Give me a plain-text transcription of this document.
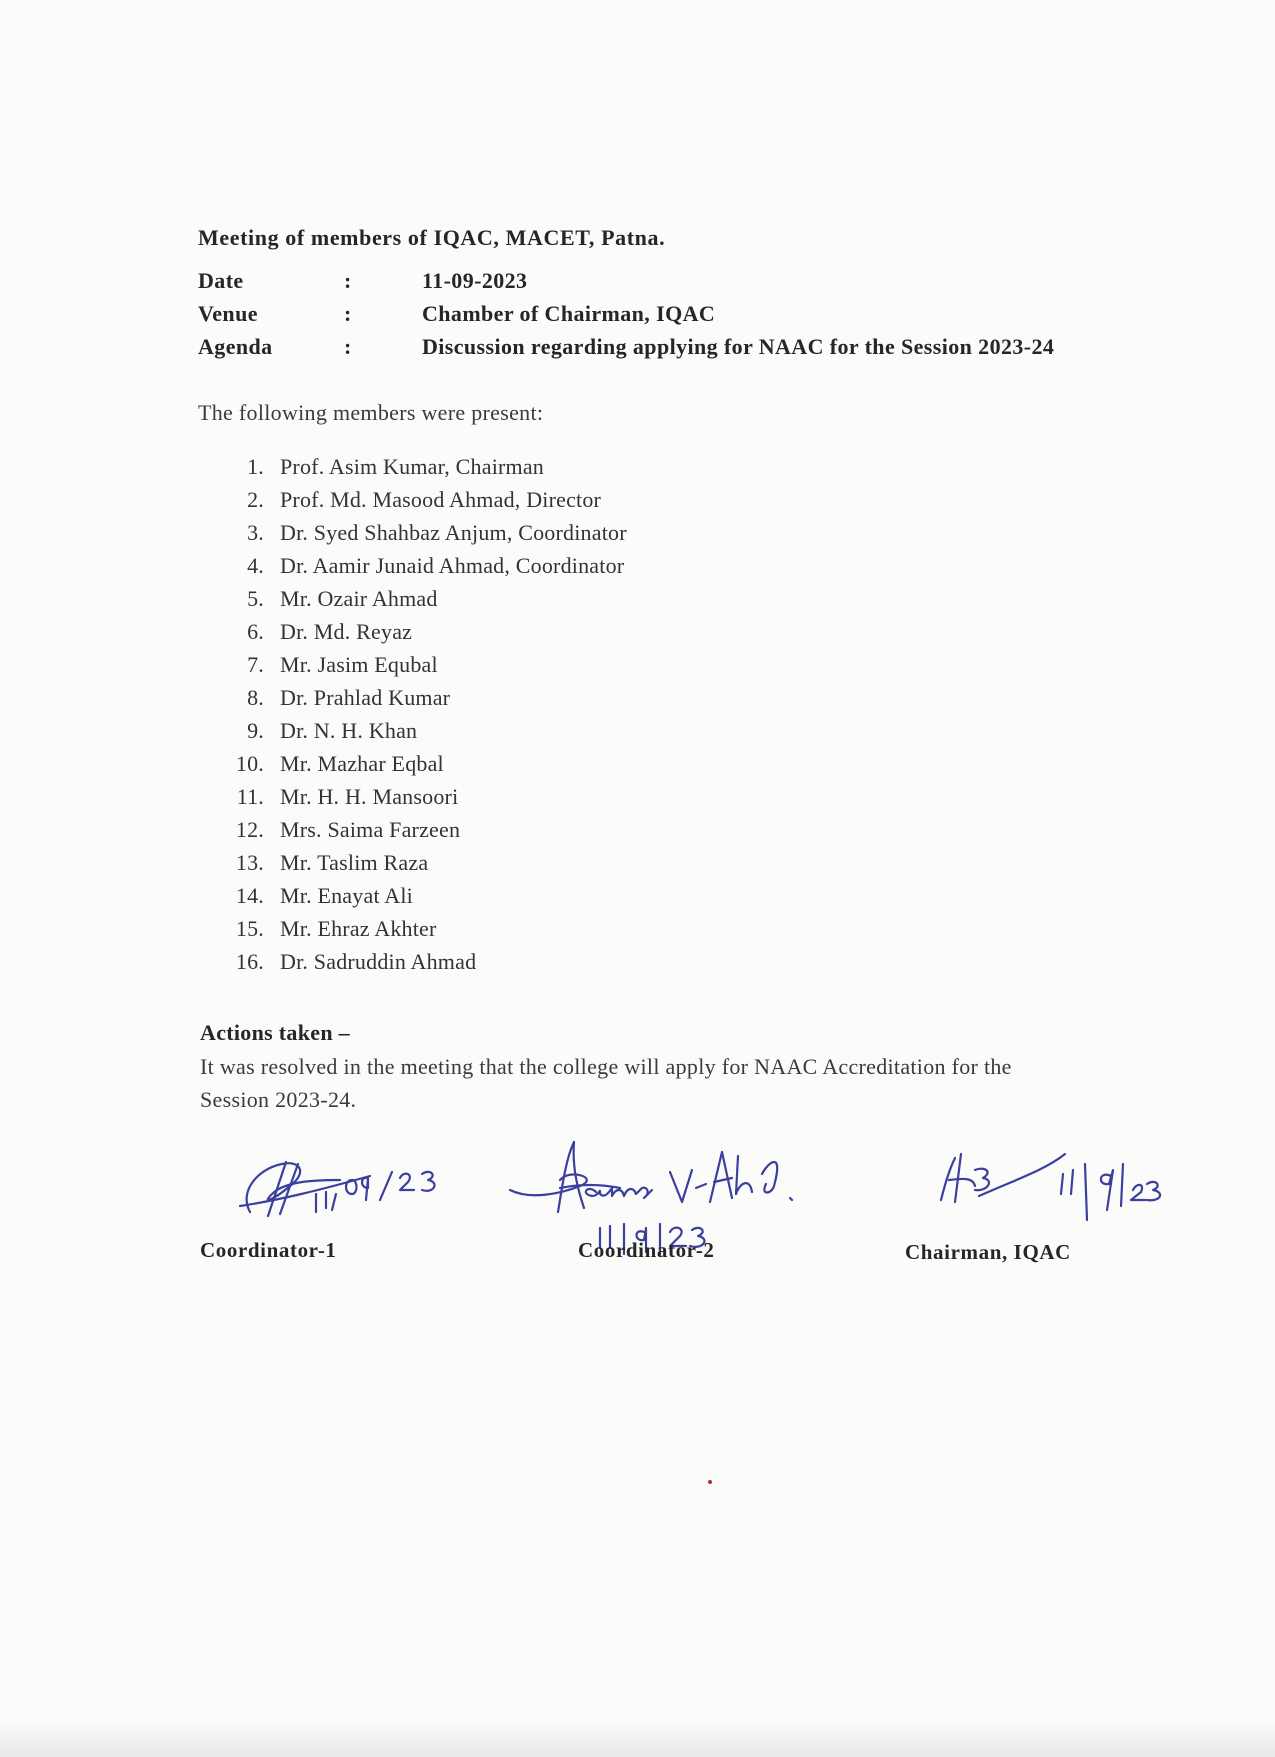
Meeting of members of IQAC, MACET, Patna.
Date	:	11-09-2023
Venue	:	Chamber of Chairman, IQAC
Agenda	:	Discussion regarding applying for NAAC for the Session 2023-24
The following members were present:
1. Prof. Asim Kumar, Chairman
2. Prof. Md. Masood Ahmad, Director
3. Dr. Syed Shahbaz Anjum, Coordinator
4. Dr. Aamir Junaid Ahmad, Coordinator
5. Mr. Ozair Ahmad
6. Dr. Md. Reyaz
7. Mr. Jasim Equbal
8. Dr. Prahlad Kumar
9. Dr. N. H. Khan
10. Mr. Mazhar Eqbal
11. Mr. H. H. Mansoori
12. Mrs. Saima Farzeen
13. Mr. Taslim Raza
14. Mr. Enayat Ali
15. Mr. Ehraz Akhter
16. Dr. Sadruddin Ahmad
Actions taken –
It was resolved in the meeting that the college will apply for NAAC Accreditation for the Session 2023-24.
Coordinator-1	Coordinator-2	Chairman, IQAC
